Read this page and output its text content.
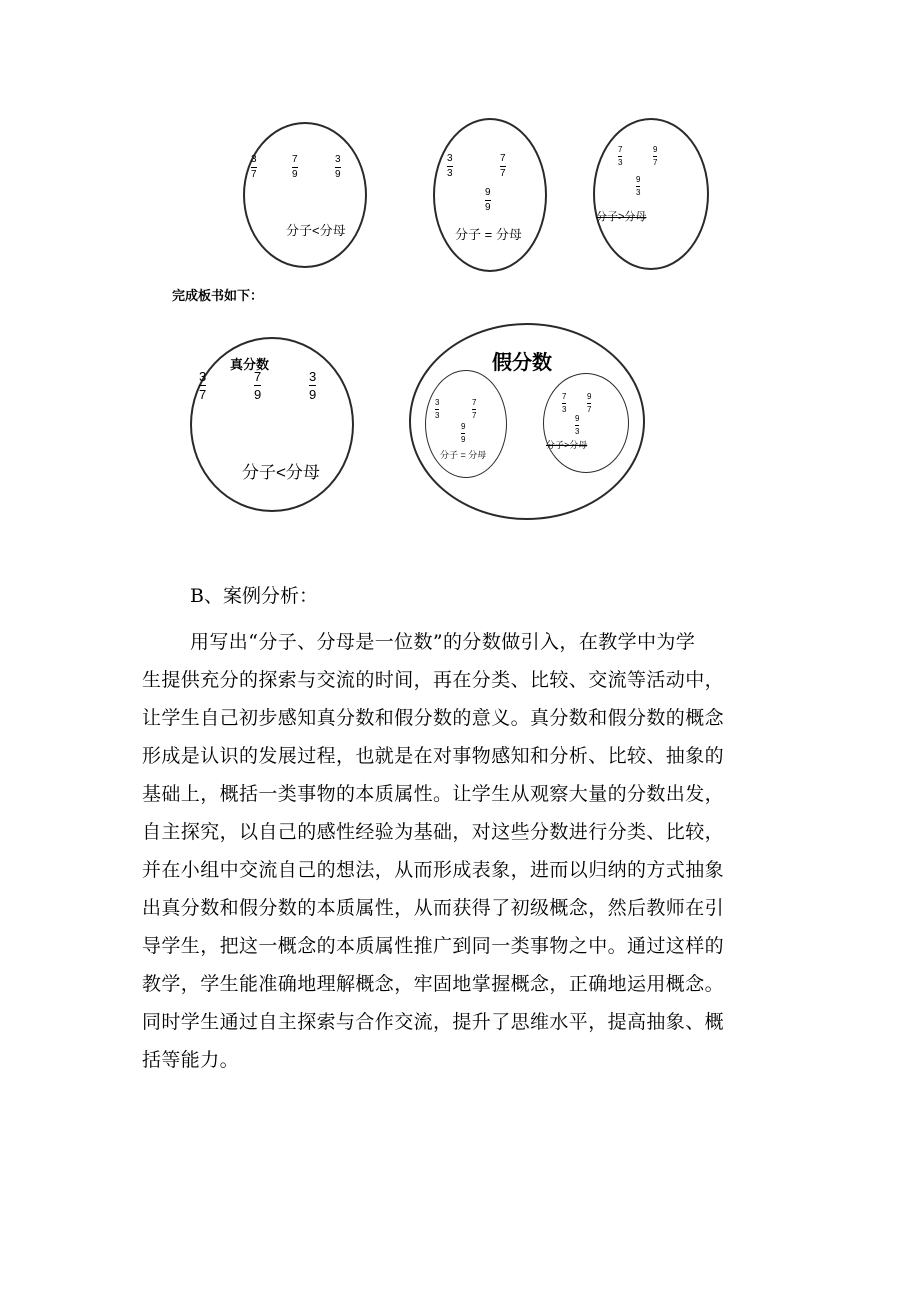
3
7
7
9
3
9
分子<分母
3
3
7
7
9
9
分子 = 分母
7
3
9
7
9
3
分子>分母
完成板书如下：
真分数
3
7
7
9
3
9
分子<分母
假分数
3
3
7
7
9
9
分子 = 分母
7
3
9
7
9
3
分子>分母
B、案例分析：
用写出“分子、分母是一位数”的分数做引入，在教学中为学
生提供充分的探索与交流的时间，再在分类、比较、交流等活动中，
让学生自己初步感知真分数和假分数的意义。真分数和假分数的概念
形成是认识的发展过程，也就是在对事物感知和分析、比较、抽象的
基础上，概括一类事物的本质属性。让学生从观察大量的分数出发，
自主探究，以自己的感性经验为基础，对这些分数进行分类、比较，
并在小组中交流自己的想法，从而形成表象，进而以归纳的方式抽象
出真分数和假分数的本质属性，从而获得了初级概念，然后教师在引
导学生，把这一概念的本质属性推广到同一类事物之中。通过这样的
教学，学生能准确地理解概念，牢固地掌握概念，正确地运用概念。
同时学生通过自主探索与合作交流，提升了思维水平，提高抽象、概
括等能力。
